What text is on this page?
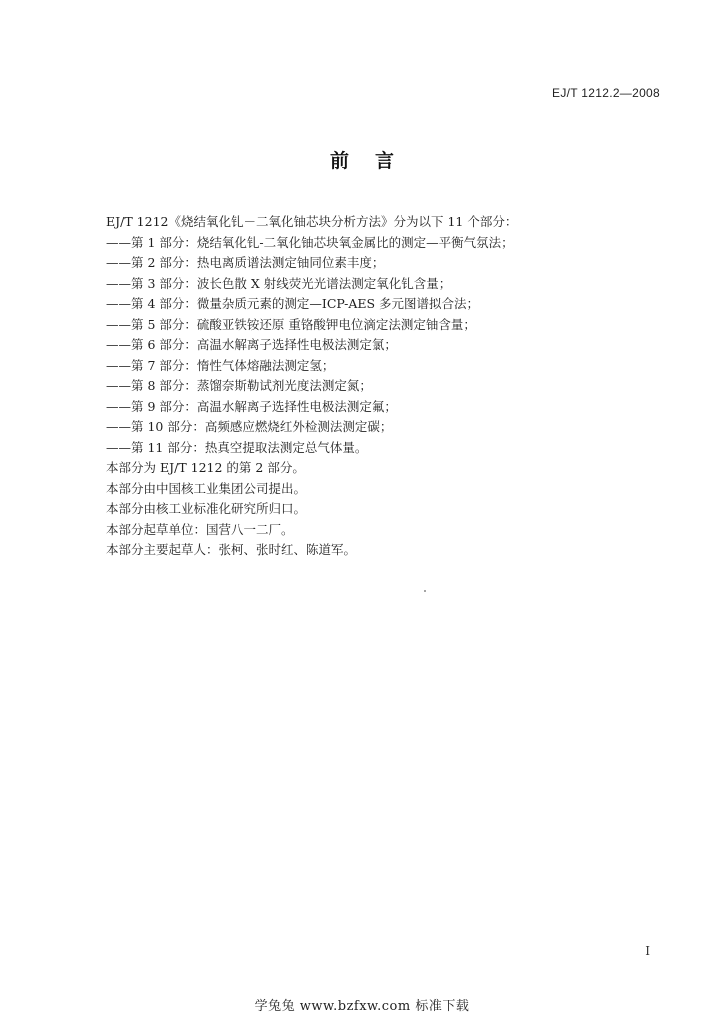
EJ/T 1212.2—2008
前言

EJ/T 1212《烧结氧化钆－二氧化铀芯块分析方法》分为以下 11 个部分：

——第 1 部分：烧结氧化钆-二氧化铀芯块氧金属比的测定—平衡气氛法；

——第 2 部分：热电离质谱法测定铀同位素丰度；

——第 3 部分：波长色散 X 射线荧光光谱法测定氧化钆含量；

——第 4 部分：微量杂质元素的测定—ICP-AES 多元图谱拟合法；

——第 5 部分：硫酸亚铁铵还原 重铬酸钾电位滴定法测定铀含量；

——第 6 部分：高温水解离子选择性电极法测定氯；

——第 7 部分：惰性气体熔融法测定氢；

——第 8 部分：蒸馏奈斯勒试剂光度法测定氮；

——第 9 部分：高温水解离子选择性电极法测定氟；

——第 10 部分：高频感应燃烧红外检测法测定碳；

——第 11 部分：热真空提取法测定总气体量。

本部分为 EJ/T 1212 的第 2 部分。

本部分由中国核工业集团公司提出。

本部分由核工业标准化研究所归口。

本部分起草单位：国营八一二厂。

本部分主要起草人：张柯、张时红、陈道军。

I
学兔兔 www.bzfxw.com 标准下载
